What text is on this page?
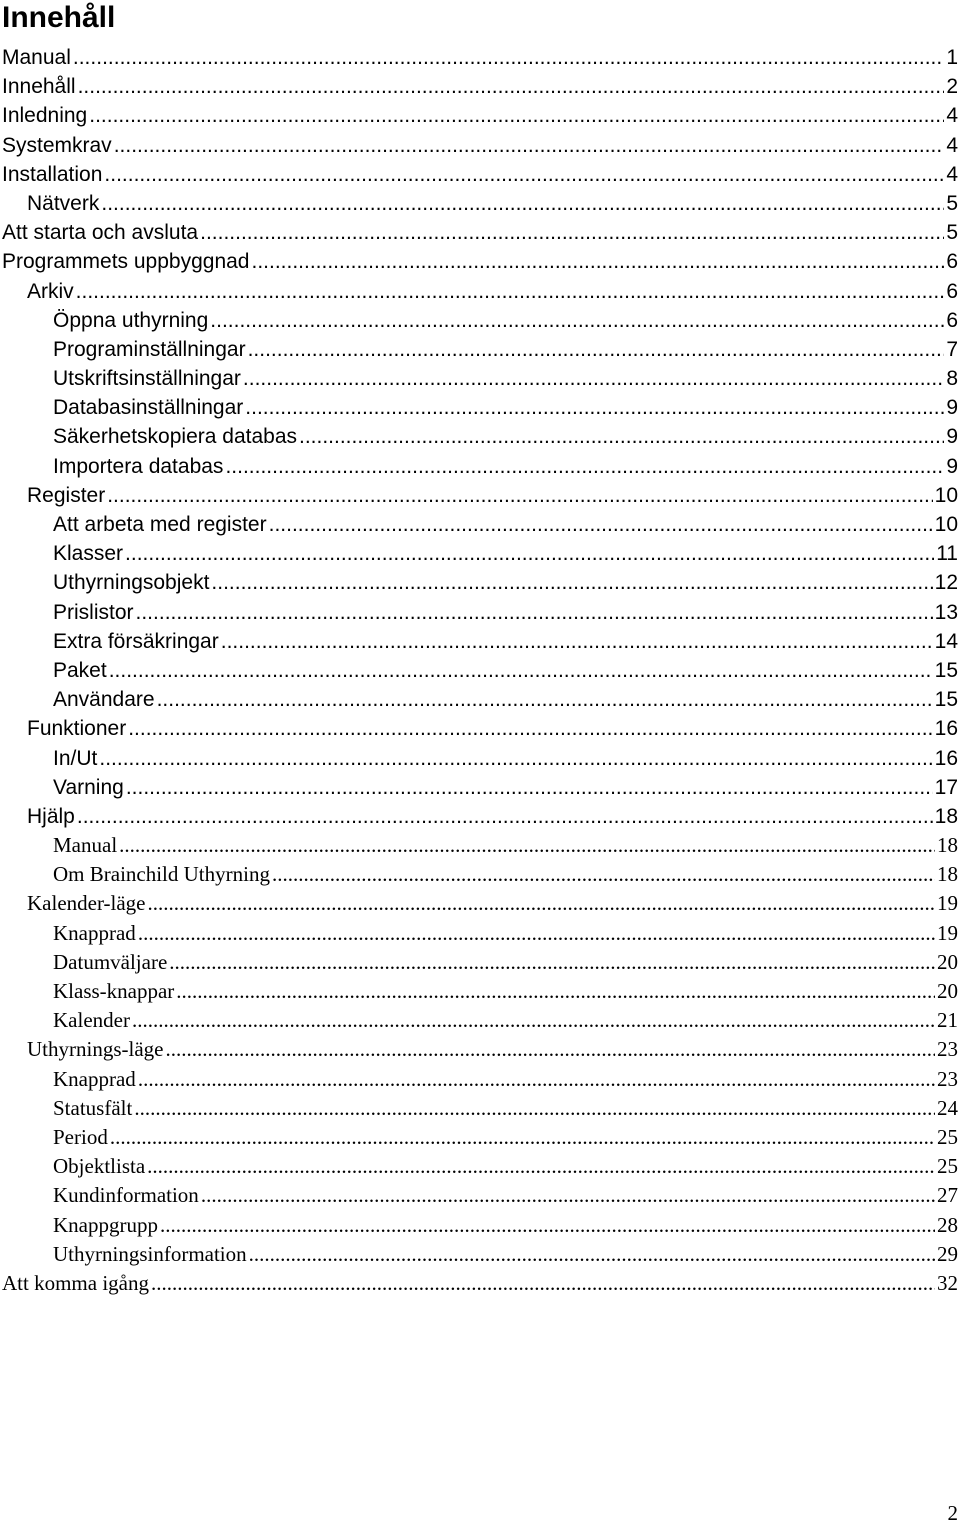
Innehåll
Manual .....	1
Innehåll .....	2
Inledning .....	4
Systemkrav .....	4
Installation .....	4
Nätverk .....	5
Att starta och avsluta .....	5
Programmets uppbyggnad .....	6
Arkiv .....	6
Öppna uthyrning .....	6
Programinställningar .....	7
Utskriftsinställningar .....	8
Databasinställningar .....	9
Säkerhetskopiera databas .....	9
Importera databas .....	9
Register .....	10
Att arbeta med register .....	10
Klasser .....	11
Uthyrningsobjekt .....	12
Prislistor .....	13
Extra försäkringar .....	14
Paket .....	15
Användare .....	15
Funktioner .....	16
In/Ut .....	16
Varning .....	17
Hjälp .....	18
Manual .....	18
Om Brainchild Uthyrning .....	18
Kalender-läge .....	19
Knapprad .....	19
Datumväljare .....	20
Klass-knappar .....	20
Kalender .....	21
Uthyrnings-läge .....	23
Knapprad .....	23
Statusfält .....	24
Period .....	25
Objektlista .....	25
Kundinformation .....	27
Knappgrupp .....	28
Uthyrningsinformation .....	29
Att komma igång .....	32
2
